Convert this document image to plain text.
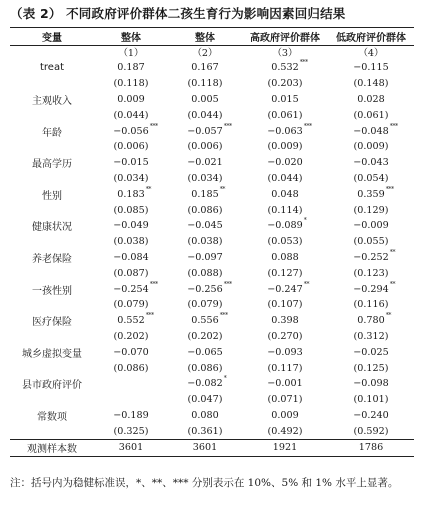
（表 2） 不同政府评价群体二孩生育行为影响因素回归结果
变量	整体	整体	高政府评价群体	低政府评价群体
	（1）	（2）	（3）	（4）
treat	0.187	0.167	0.532 ***	−0.115
	(0.118)	(0.118)	(0.203)	(0.148)
主观收入	0.009	0.005	0.015	0.028
	(0.044)	(0.044)	(0.061)	(0.061)
年龄	−0.056 ***	−0.057 ***	−0.063 ***	−0.048 ***

	(0.006)	(0.006)	(0.009)	(0.009)
最高学历	−0.015	−0.021	−0.020	−0.043
	(0.034)	(0.034)	(0.044)	(0.054)
性别	0.183 **	0.185 **	0.048	0.359 ***

	(0.085)	(0.086)	(0.114)	(0.129)
健康状况	−0.049	−0.045	−0.089 *	−0.009
	(0.038)	(0.038)	(0.053)	(0.055)
养老保险	−0.084	−0.097	0.088	−0.252 **

	(0.087)	(0.088)	(0.127)	(0.123)
一孩性别	−0.254 ***	−0.256 ***	−0.247 **	−0.294 **

	(0.079)	(0.079)	(0.107)	(0.116)
医疗保险	0.552 ***	0.556 ***	0.398	0.780 **

	(0.202)	(0.202)	(0.270)	(0.312)
城乡虚拟变量	−0.070	−0.065	−0.093	−0.025
	(0.086)	(0.086)	(0.117)	(0.125)
县市政府评价		−0.082 *	−0.001	−0.098
		(0.047)	(0.071)	(0.101)
常数项	−0.189	0.080	0.009	−0.240
	(0.325)	(0.361)	(0.492)	(0.592)
观测样本数	3601	3601	1921	1786
注：括号内为稳健标准误，*、**、*** 分别表示在 10%、5% 和 1% 水平上显著。
